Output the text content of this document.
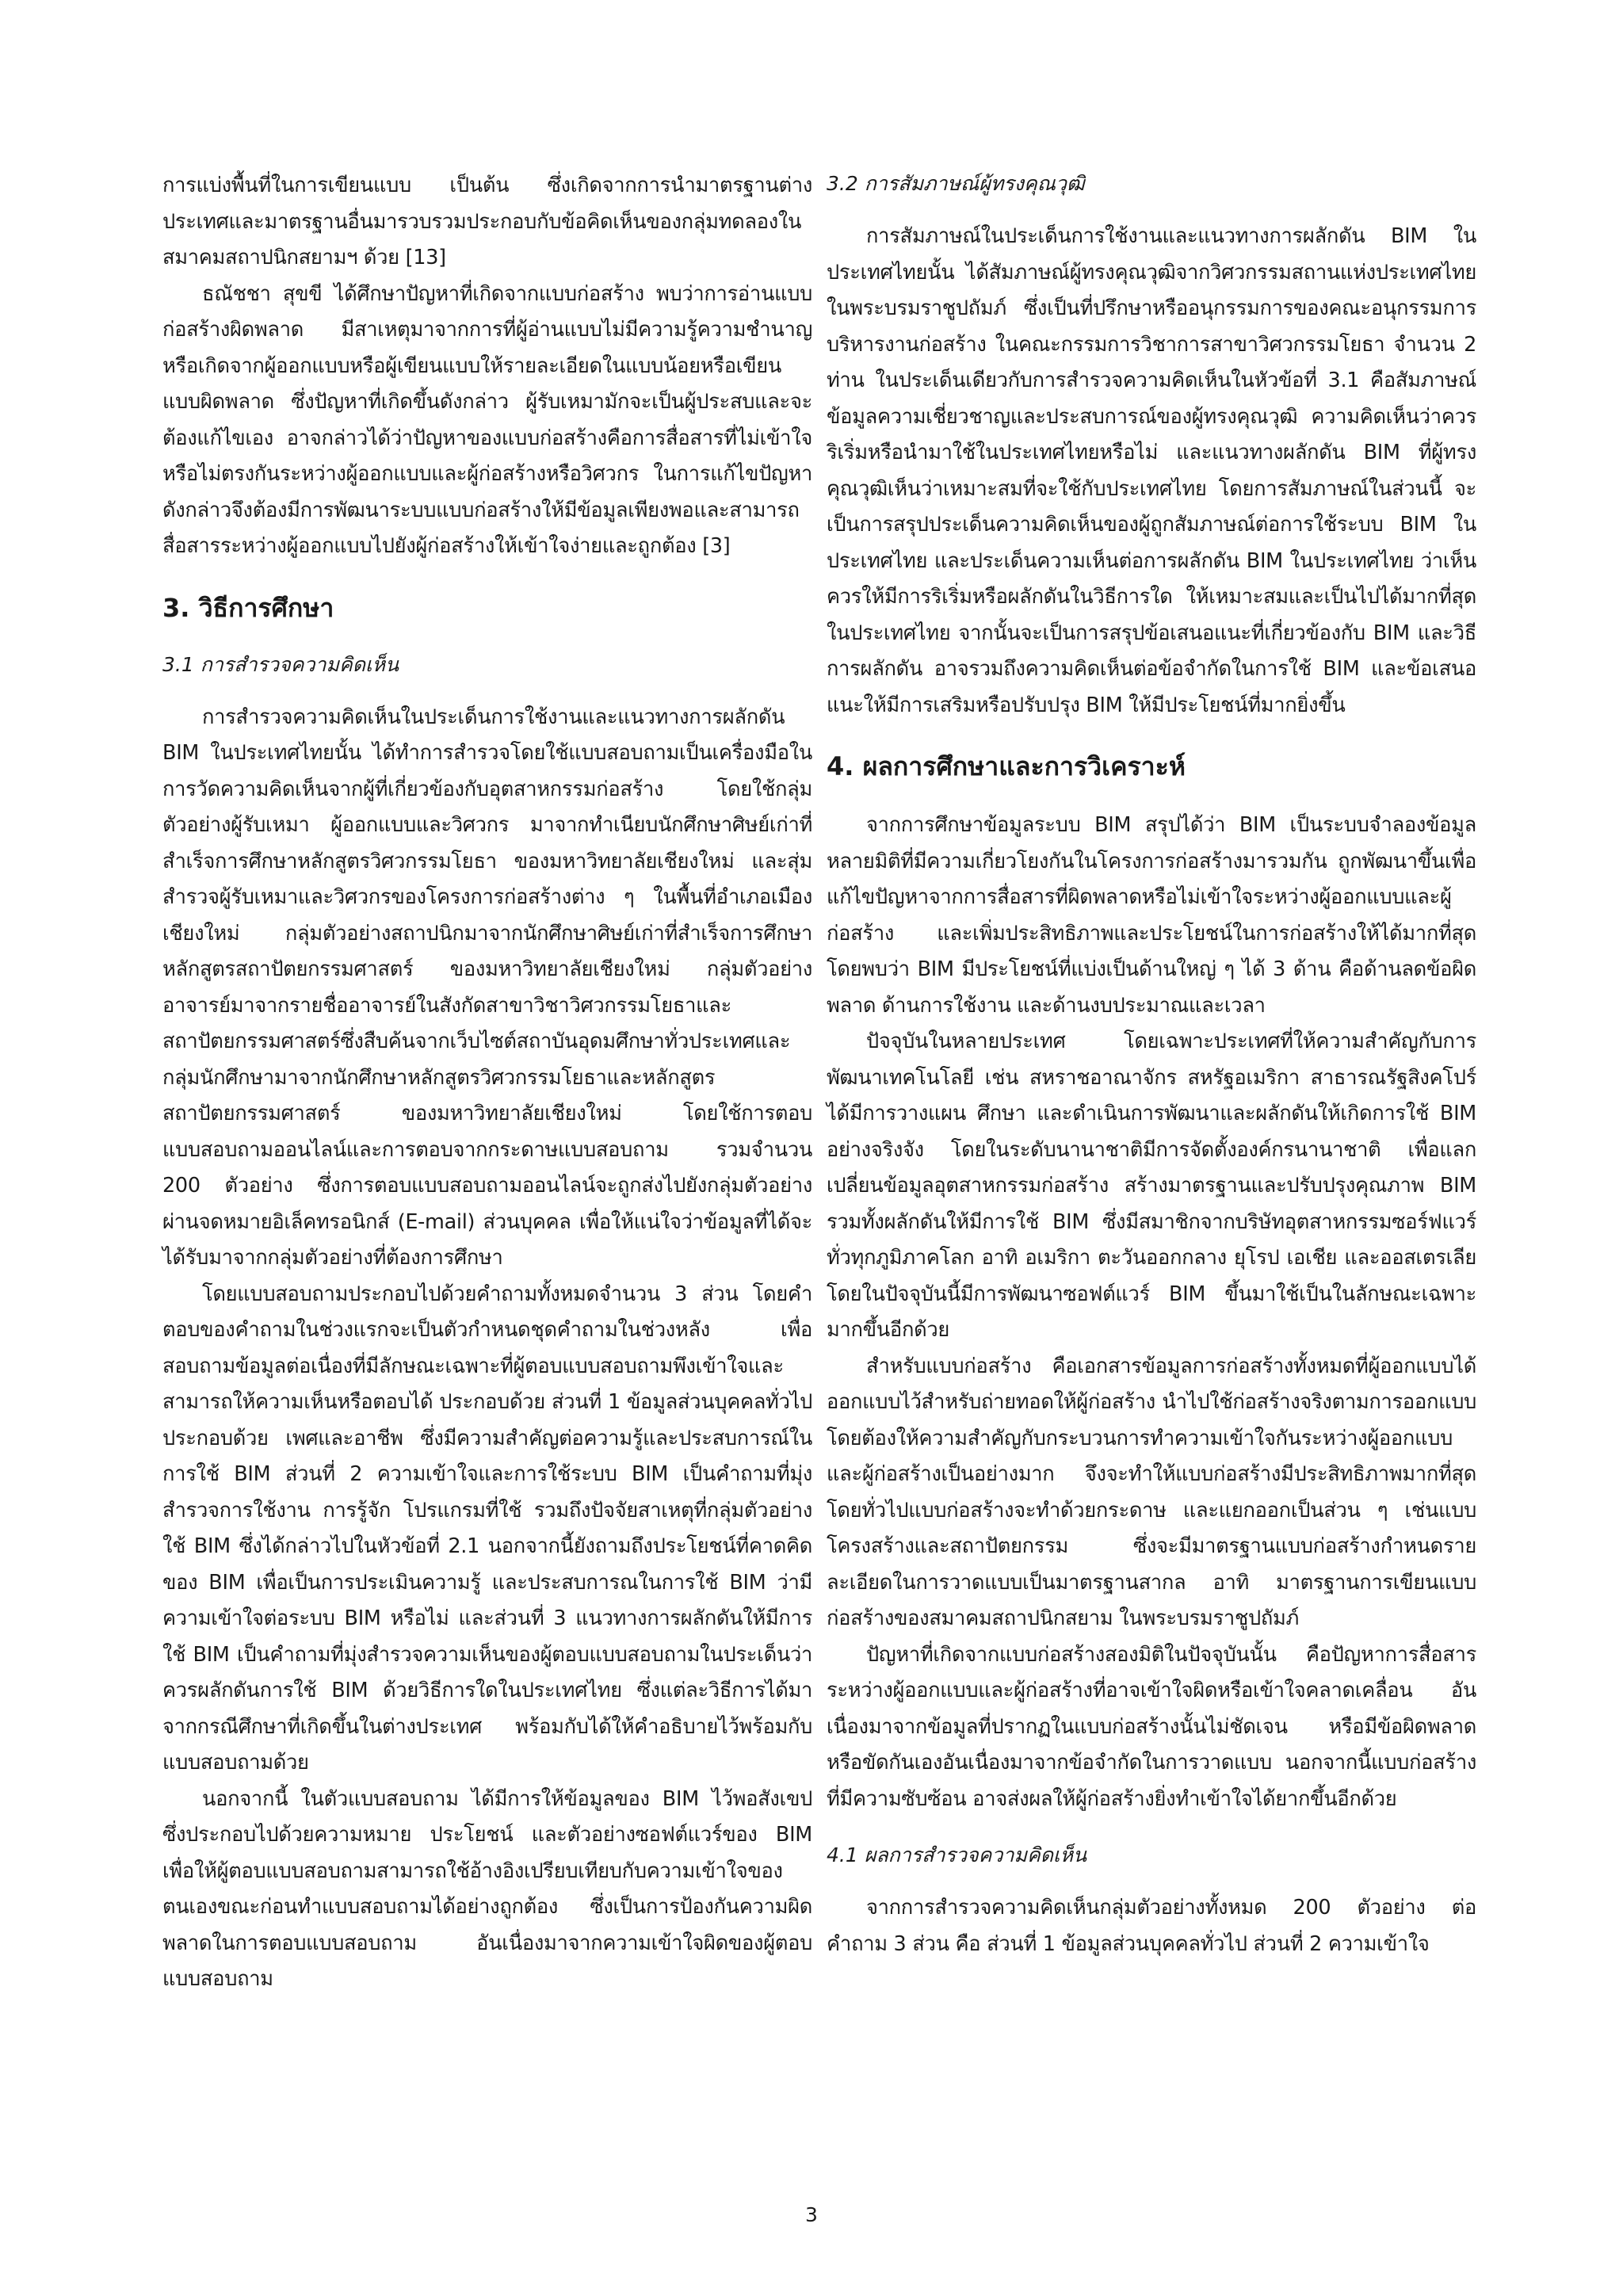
การแบ่งพื้นที่ในการเขียนแบบ เป็นต้น ซึ่งเกิดจากการนำมาตรฐานต่างประเทศและมาตรฐานอื่นมารวบรวมประกอบกับข้อคิดเห็นของกลุ่มทดลองในสมาคมสถาปนิกสยามฯ ด้วย [13]

ธณัชชา สุขขี ได้ศึกษาปัญหาที่เกิดจากแบบก่อสร้าง พบว่าการอ่านแบบก่อสร้างผิดพลาด มีสาเหตุมาจากการที่ผู้อ่านแบบไม่มีความรู้ความชำนาญ หรือเกิดจากผู้ออกแบบหรือผู้เขียนแบบให้รายละเอียดในแบบน้อยหรือเขียนแบบผิดพลาด ซึ่งปัญหาที่เกิดขึ้นดังกล่าว ผู้รับเหมามักจะเป็นผู้ประสบและจะต้องแก้ไขเอง อาจกล่าวได้ว่าปัญหาของแบบก่อสร้างคือการสื่อสารที่ไม่เข้าใจหรือไม่ตรงกันระหว่างผู้ออกแบบและผู้ก่อสร้างหรือวิศวกร ในการแก้ไขปัญหาดังกล่าวจึงต้องมีการพัฒนาระบบแบบก่อสร้างให้มีข้อมูลเพียงพอและสามารถสื่อสารระหว่างผู้ออกแบบไปยังผู้ก่อสร้างให้เข้าใจง่ายและถูกต้อง [3]

3. วิธีการศึกษา
3.1 การสำรวจความคิดเห็น

การสำรวจความคิดเห็นในประเด็นการใช้งานและแนวทางการผลักดัน BIM ในประเทศไทยนั้น ได้ทำการสำรวจโดยใช้แบบสอบถามเป็นเครื่องมือในการวัดความคิดเห็นจากผู้ที่เกี่ยวข้องกับอุตสาหกรรมก่อสร้าง โดยใช้กลุ่มตัวอย่างผู้รับเหมา ผู้ออกแบบและวิศวกร มาจากทำเนียบนักศึกษาศิษย์เก่าที่สำเร็จการศึกษาหลักสูตรวิศวกรรมโยธา ของมหาวิทยาลัยเชียงใหม่ และสุ่มสำรวจผู้รับเหมาและวิศวกรของโครงการก่อสร้างต่าง ๆ ในพื้นที่อำเภอเมืองเชียงใหม่ กลุ่มตัวอย่างสถาปนิกมาจากนักศึกษาศิษย์เก่าที่สำเร็จการศึกษาหลักสูตรสถาปัตยกรรมศาสตร์ ของมหาวิทยาลัยเชียงใหม่ กลุ่มตัวอย่างอาจารย์มาจากรายชื่ออาจารย์ในสังกัดสาขาวิชาวิศวกรรมโยธาและสถาปัตยกรรมศาสตร์ซึ่งสืบค้นจากเว็บไซต์สถาบันอุดมศึกษาทั่วประเทศและกลุ่มนักศึกษามาจากนักศึกษาหลักสูตรวิศวกรรมโยธาและหลักสูตรสถาปัตยกรรมศาสตร์ ของมหาวิทยาลัยเชียงใหม่ โดยใช้การตอบแบบสอบถามออนไลน์และการตอบจากกระดาษแบบสอบถาม รวมจำนวน 200 ตัวอย่าง ซึ่งการตอบแบบสอบถามออนไลน์จะถูกส่งไปยังกลุ่มตัวอย่างผ่านจดหมายอิเล็คทรอนิกส์ (E-mail) ส่วนบุคคล เพื่อให้แน่ใจว่าข้อมูลที่ได้จะได้รับมาจากกลุ่มตัวอย่างที่ต้องการศึกษา

โดยแบบสอบถามประกอบไปด้วยคำถามทั้งหมดจำนวน 3 ส่วน โดยคำตอบของคำถามในช่วงแรกจะเป็นตัวกำหนดชุดคำถามในช่วงหลัง เพื่อสอบถามข้อมูลต่อเนื่องที่มีลักษณะเฉพาะที่ผู้ตอบแบบสอบถามพึงเข้าใจและสามารถให้ความเห็นหรือตอบได้ ประกอบด้วย ส่วนที่ 1 ข้อมูลส่วนบุคคลทั่วไป ประกอบด้วย เพศและอาชีพ ซึ่งมีความสำคัญต่อความรู้และประสบการณ์ในการใช้ BIM ส่วนที่ 2 ความเข้าใจและการใช้ระบบ BIM เป็นคำถามที่มุ่งสำรวจการใช้งาน การรู้จัก โปรแกรมที่ใช้ รวมถึงปัจจัยสาเหตุที่กลุ่มตัวอย่างใช้ BIM ซึ่งได้กล่าวไปในหัวข้อที่ 2.1 นอกจากนี้ยังถามถึงประโยชน์ที่คาดคิดของ BIM เพื่อเป็นการประเมินความรู้ และประสบการณในการใช้ BIM ว่ามีความเข้าใจต่อระบบ BIM หรือไม่ และส่วนที่ 3 แนวทางการผลักดันให้มีการใช้ BIM เป็นคำถามที่มุ่งสำรวจความเห็นของผู้ตอบแบบสอบถามในประเด็นว่าควรผลักดันการใช้ BIM ด้วยวิธีการใดในประเทศไทย ซึ่งแต่ละวิธีการได้มาจากกรณีศึกษาที่เกิดขึ้นในต่างประเทศ พร้อมกับได้ให้คำอธิบายไว้พร้อมกับแบบสอบถามด้วย

นอกจากนี้ ในตัวแบบสอบถาม ได้มีการให้ข้อมูลของ BIM ไว้พอสังเขป ซึ่งประกอบไปด้วยความหมาย ประโยชน์ และตัวอย่างซอฟต์แวร์ของ BIM เพื่อให้ผู้ตอบแบบสอบถามสามารถใช้อ้างอิงเปรียบเทียบกับความเข้าใจของตนเองขณะก่อนทำแบบสอบถามได้อย่างถูกต้อง ซึ่งเป็นการป้องกันความผิดพลาดในการตอบแบบสอบถาม อันเนื่องมาจากความเข้าใจผิดของผู้ตอบแบบสอบถาม

3.2 การสัมภาษณ์ผู้ทรงคุณวุฒิ

การสัมภาษณ์ในประเด็นการใช้งานและแนวทางการผลักดัน BIM ในประเทศไทยนั้น ได้สัมภาษณ์ผู้ทรงคุณวุฒิจากวิศวกรรมสถานแห่งประเทศไทย ในพระบรมราชูปถัมภ์ ซึ่งเป็นที่ปรึกษาหรืออนุกรรมการของคณะอนุกรรมการบริหารงานก่อสร้าง ในคณะกรรมการวิชาการสาขาวิศวกรรมโยธา จำนวน 2 ท่าน ในประเด็นเดียวกับการสำรวจความคิดเห็นในหัวข้อที่ 3.1 คือสัมภาษณ์ข้อมูลความเชี่ยวชาญและประสบการณ์ของผู้ทรงคุณวุฒิ ความคิดเห็นว่าควรริเริ่มหรือนำมาใช้ในประเทศไทยหรือไม่ และแนวทางผลักดัน BIM ที่ผู้ทรงคุณวุฒิเห็นว่าเหมาะสมที่จะใช้กับประเทศไทย โดยการสัมภาษณ์ในส่วนนี้ จะเป็นการสรุปประเด็นความคิดเห็นของผู้ถูกสัมภาษณ์ต่อการใช้ระบบ BIM ในประเทศไทย และประเด็นความเห็นต่อการผลักดัน BIM ในประเทศไทย ว่าเห็นควรให้มีการริเริ่มหรือผลักดันในวิธีการใด ให้เหมาะสมและเป็นไปได้มากที่สุดในประเทศไทย จากนั้นจะเป็นการสรุปข้อเสนอแนะที่เกี่ยวข้องกับ BIM และวิธีการผลักดัน อาจรวมถึงความคิดเห็นต่อข้อจำกัดในการใช้ BIM และข้อเสนอแนะให้มีการเสริมหรือปรับปรุง BIM ให้มีประโยชน์ที่มากยิ่งขึ้น

4. ผลการศึกษาและการวิเคราะห์

จากการศึกษาข้อมูลระบบ BIM สรุปได้ว่า BIM เป็นระบบจำลองข้อมูลหลายมิติที่มีความเกี่ยวโยงกันในโครงการก่อสร้างมารวมกัน ถูกพัฒนาขึ้นเพื่อแก้ไขปัญหาจากการสื่อสารที่ผิดพลาดหรือไม่เข้าใจระหว่างผู้ออกแบบและผู้ก่อสร้าง และเพิ่มประสิทธิภาพและประโยชน์ในการก่อสร้างให้ได้มากที่สุด โดยพบว่า BIM มีประโยชน์ที่แบ่งเป็นด้านใหญ่ ๆ ได้ 3 ด้าน คือด้านลดข้อผิดพลาด ด้านการใช้งาน และด้านงบประมาณและเวลา

ปัจจุบันในหลายประเทศ โดยเฉพาะประเทศที่ให้ความสำคัญกับการพัฒนาเทคโนโลยี เช่น สหราชอาณาจักร สหรัฐอเมริกา สาธารณรัฐสิงคโปร์ ได้มีการวางแผน ศึกษา และดำเนินการพัฒนาและผลักดันให้เกิดการใช้ BIM อย่างจริงจัง โดยในระดับนานาชาติมีการจัดตั้งองค์กรนานาชาติ เพื่อแลกเปลี่ยนข้อมูลอุตสาหกรรมก่อสร้าง สร้างมาตรฐานและปรับปรุงคุณภาพ BIM รวมทั้งผลักดันให้มีการใช้ BIM ซึ่งมีสมาชิกจากบริษัทอุตสาหกรรมซอร์ฟแวร์ทั่วทุกภูมิภาคโลก อาทิ อเมริกา ตะวันออกกลาง ยุโรป เอเชีย และออสเตรเลีย โดยในปัจจุบันนี้มีการพัฒนาซอฟต์แวร์ BIM ขึ้นมาใช้เป็นในลักษณะเฉพาะมากขึ้นอีกด้วย

สำหรับแบบก่อสร้าง คือเอกสารข้อมูลการก่อสร้างทั้งหมดที่ผู้ออกแบบได้ออกแบบไว้สำหรับถ่ายทอดให้ผู้ก่อสร้าง นำไปใช้ก่อสร้างจริงตามการออกแบบ โดยต้องให้ความสำคัญกับกระบวนการทำความเข้าใจกันระหว่างผู้ออกแบบและผู้ก่อสร้างเป็นอย่างมาก จึงจะทำให้แบบก่อสร้างมีประสิทธิภาพมากที่สุด โดยทั่วไปแบบก่อสร้างจะทำด้วยกระดาษ และแยกออกเป็นส่วน ๆ เช่นแบบโครงสร้างและสถาปัตยกรรม ซึ่งจะมีมาตรฐานแบบก่อสร้างกำหนดรายละเอียดในการวาดแบบเป็นมาตรฐานสากล อาทิ มาตรฐานการเขียนแบบก่อสร้างของสมาคมสถาปนิกสยาม ในพระบรมราชูปถัมภ์

ปัญหาที่เกิดจากแบบก่อสร้างสองมิติในปัจจุบันนั้น คือปัญหาการสื่อสารระหว่างผู้ออกแบบและผู้ก่อสร้างที่อาจเข้าใจผิดหรือเข้าใจคลาดเคลื่อน อันเนื่องมาจากข้อมูลที่ปรากฏในแบบก่อสร้างนั้นไม่ชัดเจน หรือมีข้อผิดพลาด หรือขัดกันเองอันเนื่องมาจากข้อจำกัดในการวาดแบบ นอกจากนี้แบบก่อสร้างที่มีความซับซ้อน อาจส่งผลให้ผู้ก่อสร้างยิ่งทำเข้าใจได้ยากขึ้นอีกด้วย

4.1 ผลการสำรวจความคิดเห็น

จากการสำรวจความคิดเห็นกลุ่มตัวอย่างทั้งหมด 200 ตัวอย่าง ต่อคำถาม 3 ส่วน คือ ส่วนที่ 1 ข้อมูลส่วนบุคคลทั่วไป ส่วนที่ 2 ความเข้าใจ

3
